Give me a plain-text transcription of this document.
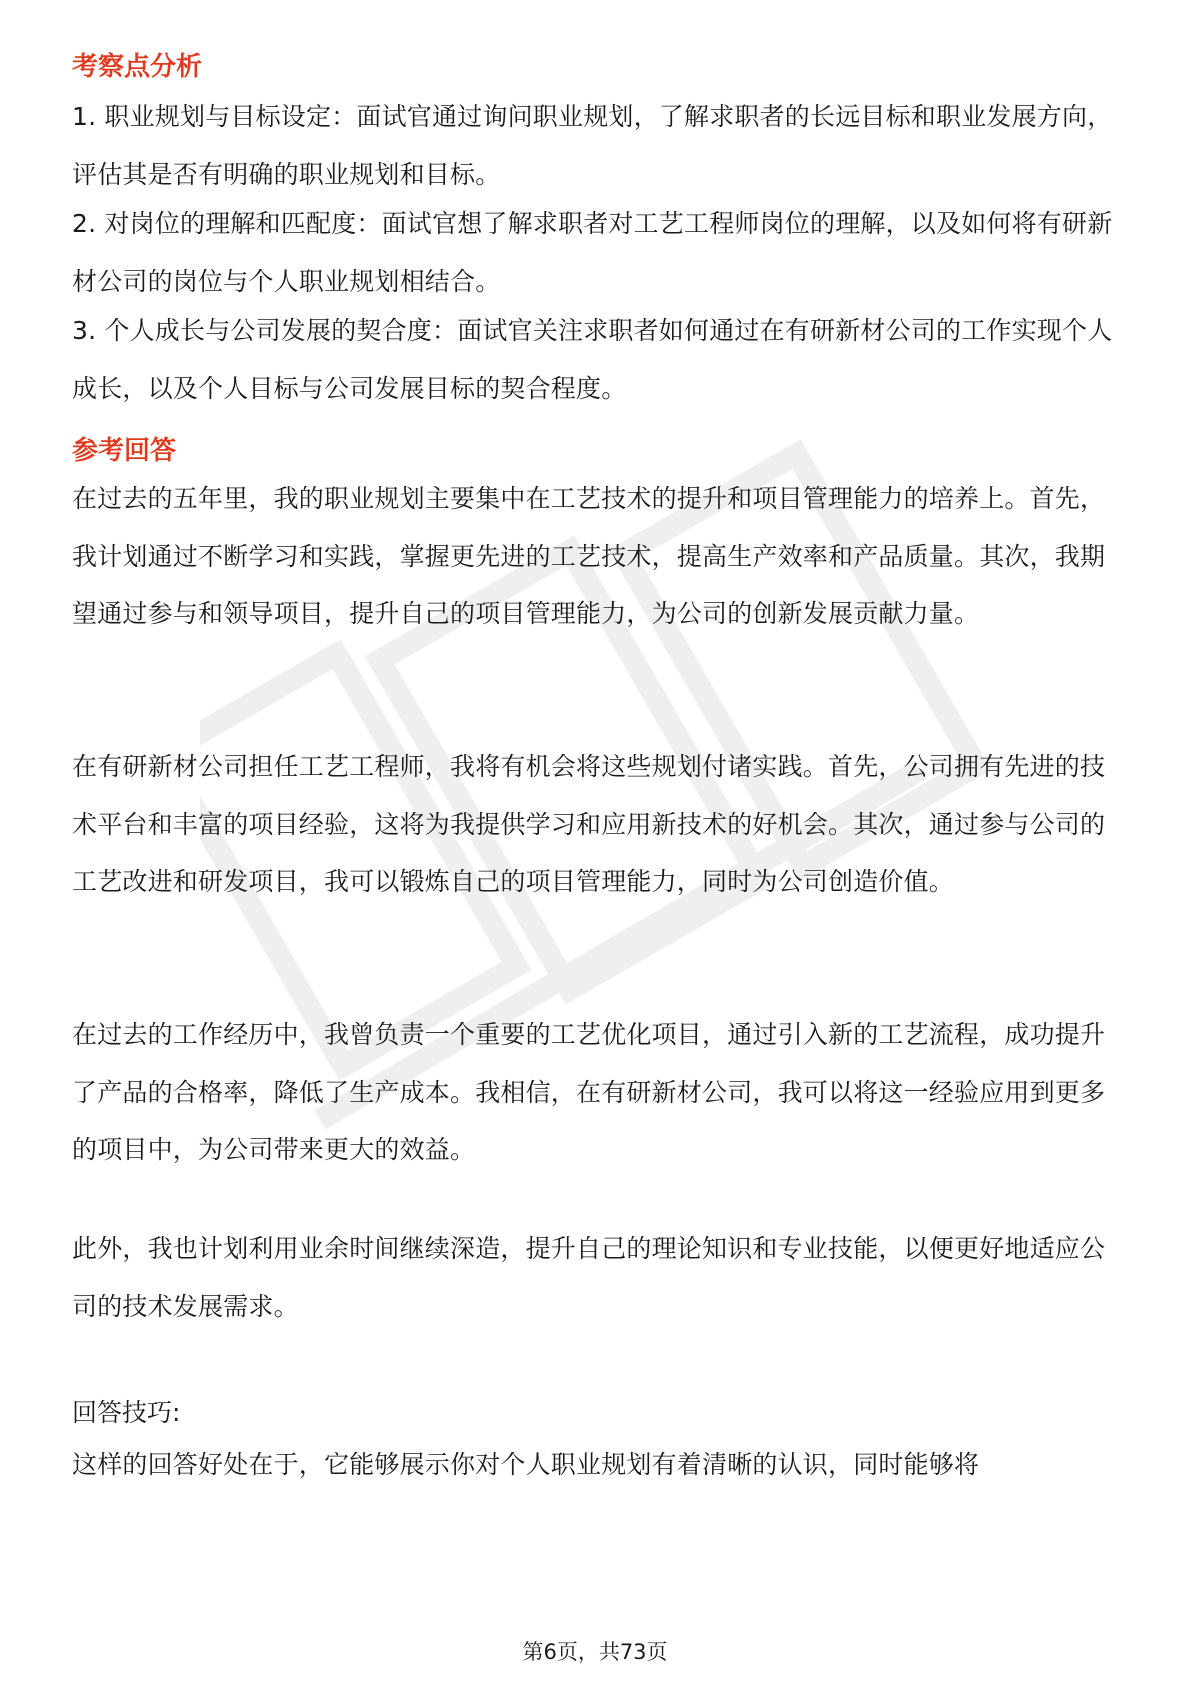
考察点分析
1. 职业规划与目标设定：面试官通过询问职业规划，了解求职者的长远目标和职业发展方向，评估其是否有明确的职业规划和目标。
2. 对岗位的理解和匹配度：面试官想了解求职者对工艺工程师岗位的理解，以及如何将有研新材公司的岗位与个人职业规划相结合。
3. 个人成长与公司发展的契合度：面试官关注求职者如何通过在有研新材公司的工作实现个人成长，以及个人目标与公司发展目标的契合程度。
参考回答
在过去的五年里，我的职业规划主要集中在工艺技术的提升和项目管理能力的培养上。首先，我计划通过不断学习和实践，掌握更先进的工艺技术，提高生产效率和产品质量。其次，我期望通过参与和领导项目，提升自己的项目管理能力，为公司的创新发展贡献力量。
在有研新材公司担任工艺工程师，我将有机会将这些规划付诸实践。首先，公司拥有先进的技术平台和丰富的项目经验，这将为我提供学习和应用新技术的好机会。其次，通过参与公司的工艺改进和研发项目，我可以锻炼自己的项目管理能力，同时为公司创造价值。
在过去的工作经历中，我曾负责一个重要的工艺优化项目，通过引入新的工艺流程，成功提升了产品的合格率，降低了生产成本。我相信，在有研新材公司，我可以将这一经验应用到更多的项目中，为公司带来更大的效益。
此外，我也计划利用业余时间继续深造，提升自己的理论知识和专业技能，以便更好地适应公司的技术发展需求。
回答技巧:
这样的回答好处在于，它能够展示你对个人职业规划有着清晰的认识，同时能够将
第6页，共73页
